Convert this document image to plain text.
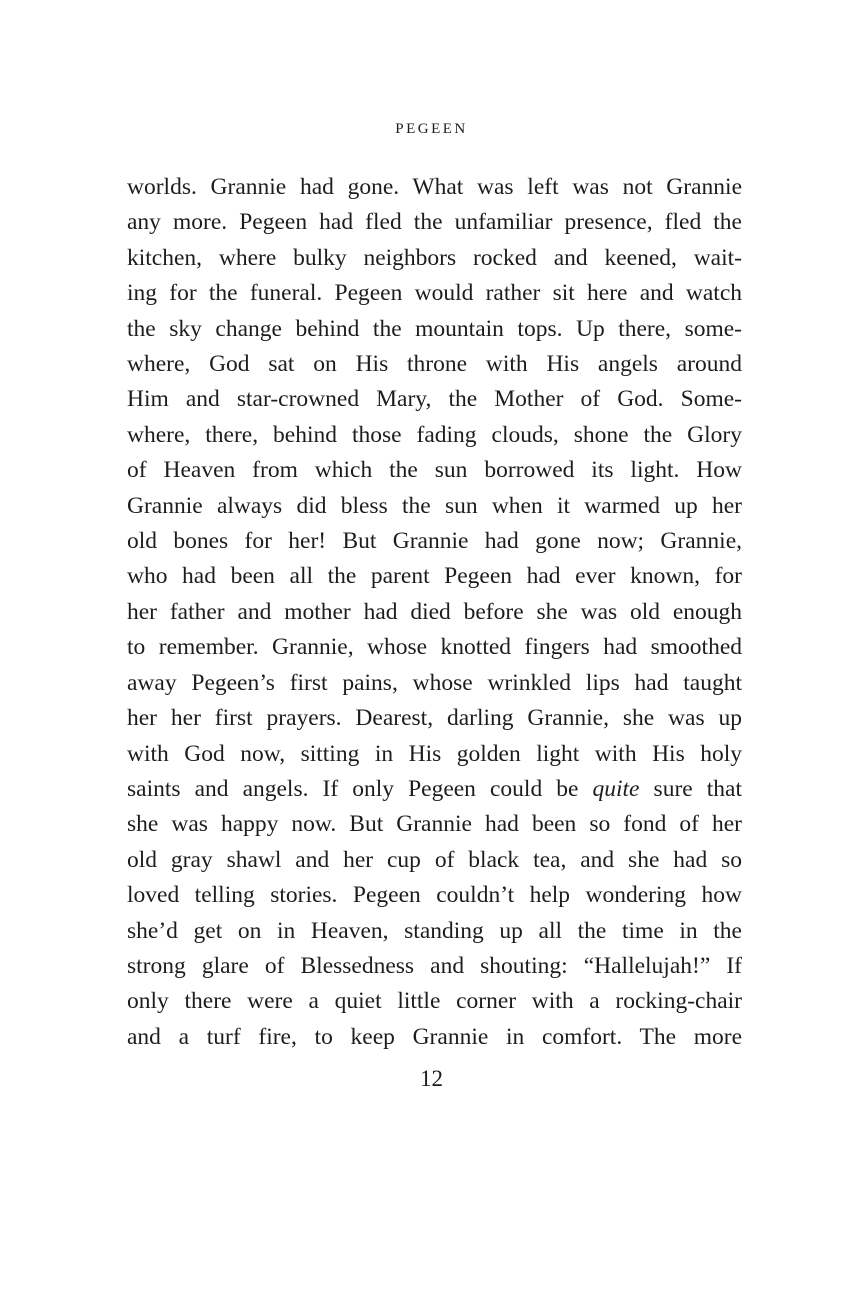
PEGEEN
worlds. Grannie had gone. What was left was not Grannie
any more. Pegeen had fled the unfamiliar presence, fled the
kitchen, where bulky neighbors rocked and keened, wait-
ing for the funeral. Pegeen would rather sit here and watch
the sky change behind the mountain tops. Up there, some-
where, God sat on His throne with His angels around
Him and star-crowned Mary, the Mother of God. Some-
where, there, behind those fading clouds, shone the Glory
of Heaven from which the sun borrowed its light. How
Grannie always did bless the sun when it warmed up her
old bones for her! But Grannie had gone now; Grannie,
who had been all the parent Pegeen had ever known, for
her father and mother had died before she was old enough
to remember. Grannie, whose knotted fingers had smoothed
away Pegeen’s first pains, whose wrinkled lips had taught
her her first prayers. Dearest, darling Grannie, she was up
with God now, sitting in His golden light with His holy
saints and angels. If only Pegeen could be quite sure that
she was happy now. But Grannie had been so fond of her
old gray shawl and her cup of black tea, and she had so
loved telling stories. Pegeen couldn’t help wondering how
she’d get on in Heaven, standing up all the time in the
strong glare of Blessedness and shouting: “Hallelujah!” If
only there were a quiet little corner with a rocking-chair
and a turf fire, to keep Grannie in comfort. The more
12
